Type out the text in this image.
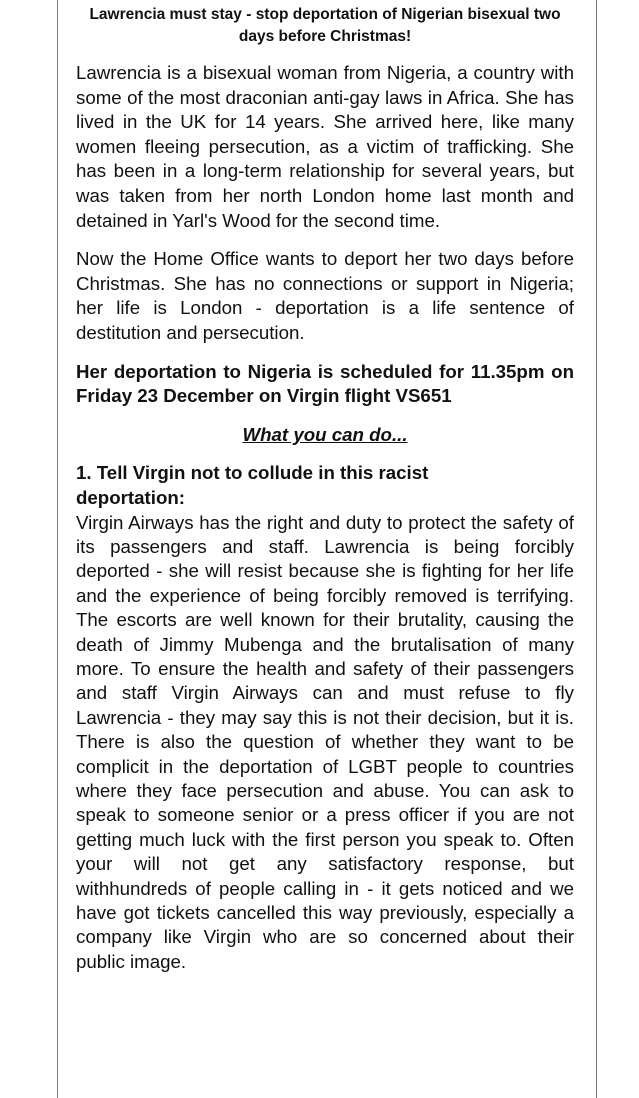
Lawrencia must stay - stop deportation of Nigerian bisexual two days before Christmas!

Lawrencia is a bisexual woman from Nigeria, a country with some of the most draconian anti-gay laws in Africa. She has lived in the UK for 14 years. She arrived here, like many women fleeing persecution, as a victim of trafficking. She has been in a long-term relationship for several years, but was taken from her north London home last month and detained in Yarl's Wood for the second time.

Now the Home Office wants to deport her two days before Christmas. She has no connections or support in Nigeria; her life is London - deportation is a life sentence of destitution and persecution.

Her deportation to Nigeria is scheduled for 11.35pm on Friday 23 December on Virgin flight VS651

What you can do...

1. Tell Virgin not to collude in this racist deportation:

Virgin Airways has the right and duty to protect the safety of its passengers and staff. Lawrencia is being forcibly deported - she will resist because she is fighting for her life and the experience of being forcibly removed is terrifying. The escorts are well known for their brutality, causing the death of Jimmy Mubenga and the brutalisation of many more. To ensure the health and safety of their passengers and staff Virgin Airways can and must refuse to fly Lawrencia - they may say this is not their decision, but it is. There is also the question of whether they want to be complicit in the deportation of LGBT people to countries where they face persecution and abuse. You can ask to speak to someone senior or a press officer if you are not getting much luck with the first person you speak to. Often your will not get any satisfactory response, but withhundreds of people calling in - it gets noticed and we have got tickets cancelled this way previously, especially a company like Virgin who are so concerned about their public image.
